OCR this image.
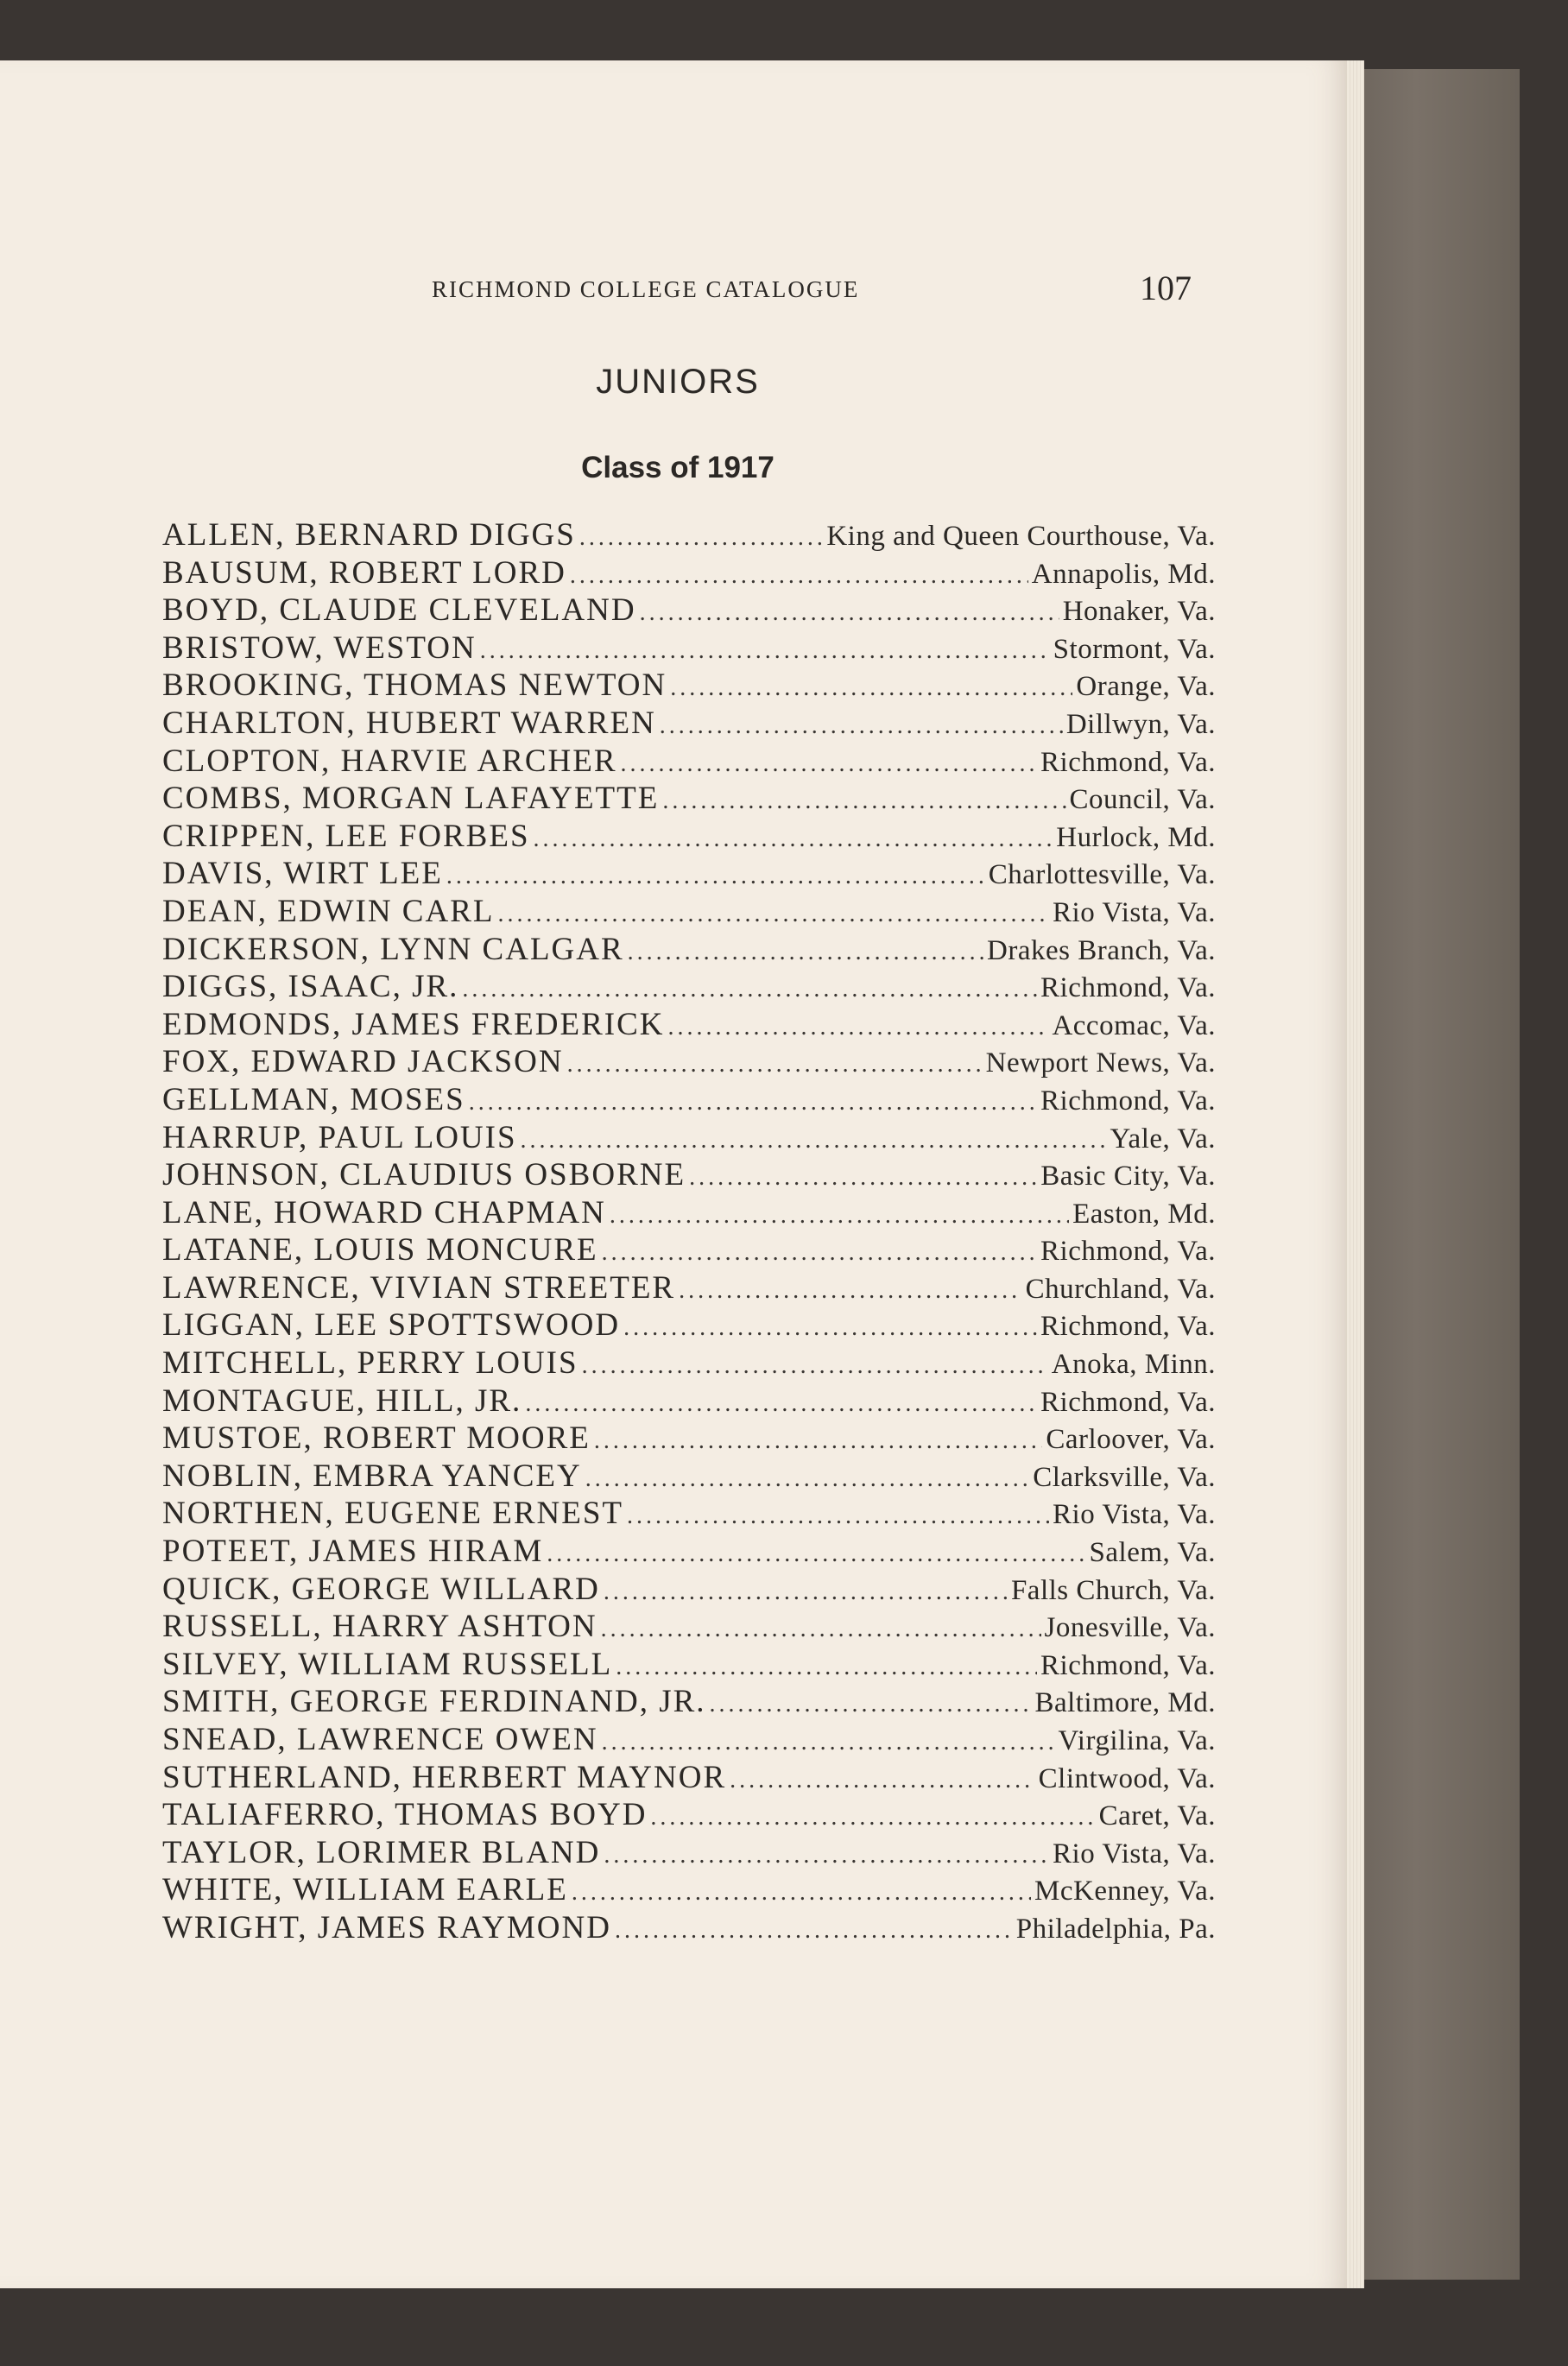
RICHMOND COLLEGE CATALOGUE	107
JUNIORS
Class of 1917
ALLEN, BERNARD DIGGS .....	King and Queen Courthouse, Va.
BAUSUM, ROBERT LORD .....	Annapolis, Md.
BOYD, CLAUDE CLEVELAND .....	Honaker, Va.
BRISTOW, WESTON .....	Stormont, Va.
BROOKING, THOMAS NEWTON .....	Orange, Va.
CHARLTON, HUBERT WARREN .....	Dillwyn, Va.
CLOPTON, HARVIE ARCHER .....	Richmond, Va.
COMBS, MORGAN LAFAYETTE .....	Council, Va.
CRIPPEN, LEE FORBES .....	Hurlock, Md.
DAVIS, WIRT LEE .....	Charlottesville, Va.
DEAN, EDWIN CARL .....	Rio Vista, Va.
DICKERSON, LYNN CALGAR .....	Drakes Branch, Va.
DIGGS, ISAAC, JR. .....	Richmond, Va.
EDMONDS, JAMES FREDERICK .....	Accomac, Va.
FOX, EDWARD JACKSON .....	Newport News, Va.
GELLMAN, MOSES .....	Richmond, Va.
HARRUP, PAUL LOUIS .....	Yale, Va.
JOHNSON, CLAUDIUS OSBORNE .....	Basic City, Va.
LANE, HOWARD CHAPMAN .....	Easton, Md.
LATANE, LOUIS MONCURE .....	Richmond, Va.
LAWRENCE, VIVIAN STREETER .....	Churchland, Va.
LIGGAN, LEE SPOTTSWOOD .....	Richmond, Va.
MITCHELL, PERRY LOUIS .....	Anoka, Minn.
MONTAGUE, HILL, JR. .....	Richmond, Va.
MUSTOE, ROBERT MOORE .....	Carloover, Va.
NOBLIN, EMBRA YANCEY .....	Clarksville, Va.
NORTHEN, EUGENE ERNEST .....	Rio Vista, Va.
POTEET, JAMES HIRAM .....	Salem, Va.
QUICK, GEORGE WILLARD .....	Falls Church, Va.
RUSSELL, HARRY ASHTON .....	Jonesville, Va.
SILVEY, WILLIAM RUSSELL .....	Richmond, Va.
SMITH, GEORGE FERDINAND, JR. .....	Baltimore, Md.
SNEAD, LAWRENCE OWEN .....	Virgilina, Va.
SUTHERLAND, HERBERT MAYNOR .....	Clintwood, Va.
TALIAFERRO, THOMAS BOYD .....	Caret, Va.
TAYLOR, LORIMER BLAND .....	Rio Vista, Va.
WHITE, WILLIAM EARLE .....	McKenney, Va.
WRIGHT, JAMES RAYMOND .....	Philadelphia, Pa.
